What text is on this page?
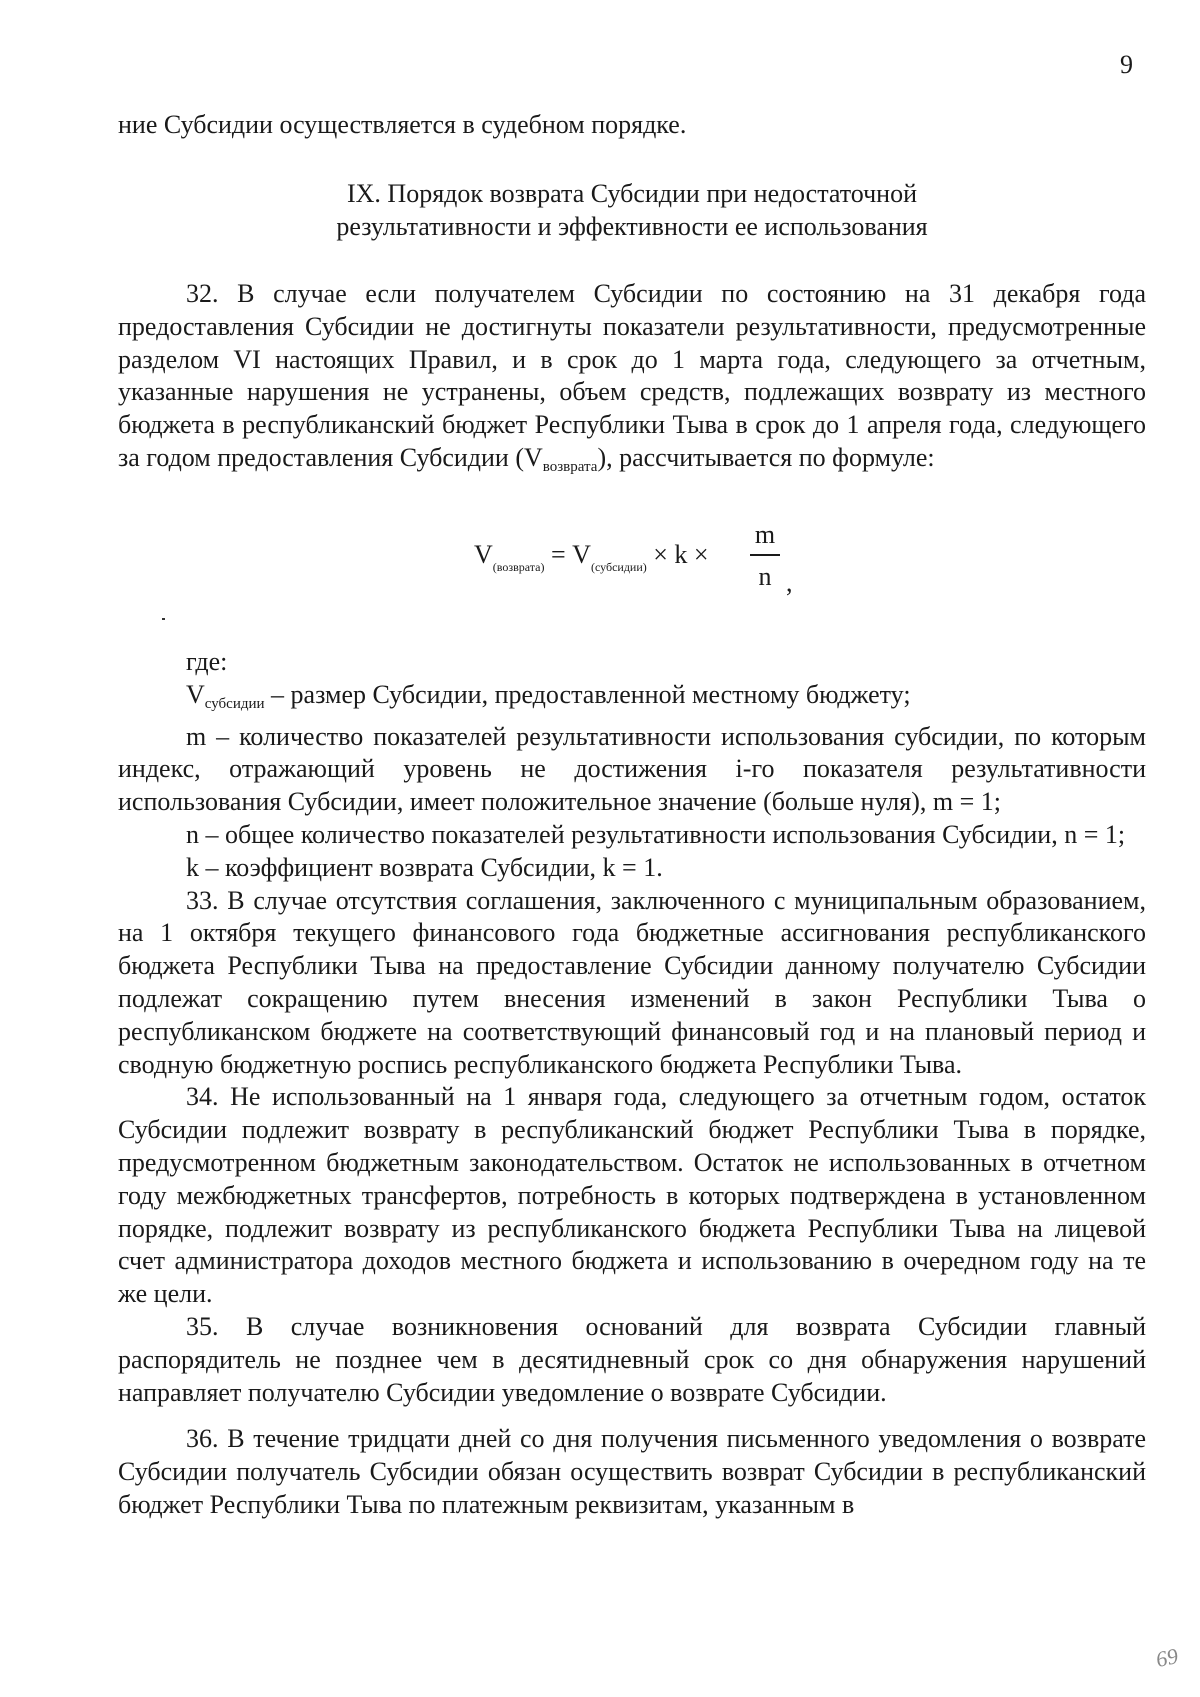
9
ние Субсидии осуществляется в судебном порядке.

IX. Порядок возврата Субсидии при недостаточной

результативности и эффективности ее использования

32. В случае если получателем Субсидии по состоянию на 31 декабря года предоставления Субсидии не достигнуты показатели результативности, предусмотренные разделом VI настоящих Правил, и в срок до 1 марта года, следующего за отчетным, указанные нарушения не устранены, объем средств, подлежащих возврату из местного бюджета в республиканский бюджет Республики Тыва в срок до 1 апреля года, следующего за годом предоставления Субсидии $(V_{возврата})$, рассчитывается по формуле:

V(возврата) = V(субсидии) × k ×
m
n ,

где:

$V_{субсидии}$ – размер Субсидии, предоставленной местному бюджету;

m – количество показателей результативности использования субсидии, по которым индекс, отражающий уровень не достижения i-го показателя результативности использования Субсидии, имеет положительное значение (больше нуля), m = 1;

n – общее количество показателей результативности использования Субсидии, n = 1;

k – коэффициент возврата Субсидии, k = 1.

33. В случае отсутствия соглашения, заключенного с муниципальным образованием, на 1 октября текущего финансового года бюджетные ассигнования республиканского бюджета Республики Тыва на предоставление Субсидии данному получателю Субсидии подлежат сокращению путем внесения изменений в закон Республики Тыва о республиканском бюджете на соответствующий финансовый год и на плановый период и сводную бюджетную роспись республиканского бюджета Республики Тыва.

34. Не использованный на 1 января года, следующего за отчетным годом, остаток Субсидии подлежит возврату в республиканский бюджет Республики Тыва в порядке, предусмотренном бюджетным законодательством. Остаток не использованных в отчетном году межбюджетных трансфертов, потребность в которых подтверждена в установленном порядке, подлежит возврату из республиканского бюджета Республики Тыва на лицевой счет администратора доходов местного бюджета и использованию в очередном году на те же цели.

35. В случае возникновения оснований для возврата Субсидии главный распорядитель не позднее чем в десятидневный срок со дня обнаружения нарушений направляет получателю Субсидии уведомление о возврате Субсидии.

36. В течение тридцати дней со дня получения письменного уведомления о возврате Субсидии получатель Субсидии обязан осуществить возврат Субсидии в республиканский бюджет Республики Тыва по платежным реквизитам, указанным в

69
